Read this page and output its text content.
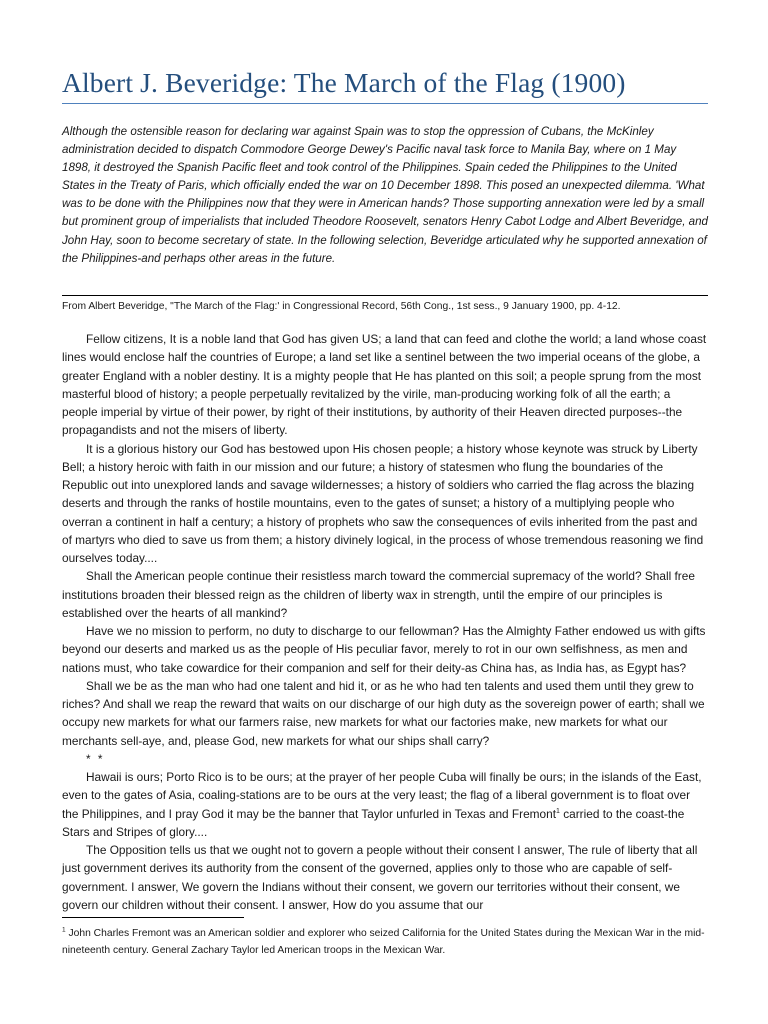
Albert J. Beveridge: The March of the Flag (1900)
Although the ostensible reason for declaring war against Spain was to stop the oppression of Cubans, the McKinley administration decided to dispatch Commodore George Dewey's Pacific naval task force to Manila Bay, where on 1 May 1898, it destroyed the Spanish Pacific fleet and took control of the Philippines. Spain ceded the Philippines to the United States in the Treaty of Paris, which officially ended the war on 10 December 1898. This posed an unexpected dilemma. 'What was to be done with the Philippines now that they were in American hands? Those supporting annexation were led by a small but prominent group of imperialists that included Theodore Roosevelt, senators Henry Cabot Lodge and Albert Beveridge, and John Hay, soon to become secretary of state. In the following selection, Beveridge articulated why he supported annexation of the Philippines-and perhaps other areas in the future.
From Albert Beveridge, "The March of the Flag:' in Congressional Record, 56th Cong., 1st sess., 9 January 1900, pp. 4-12.

Fellow citizens, It is a noble land that God has given US; a land that can feed and clothe the world; a land whose coast lines would enclose half the countries of Europe; a land set like a sentinel between the two imperial oceans of the globe, a greater England with a nobler destiny. It is a mighty people that He has planted on this soil; a people sprung from the most masterful blood of history; a people perpetually revitalized by the virile, man-producing working folk of all the earth; a people imperial by virtue of their power, by right of their institutions, by authority of their Heaven directed purposes--the propagandists and not the misers of liberty.

It is a glorious history our God has bestowed upon His chosen people; a history whose keynote was struck by Liberty Bell; a history heroic with faith in our mission and our future; a history of statesmen who flung the boundaries of the Republic out into unexplored lands and savage wildernesses; a history of soldiers who carried the flag across the blazing deserts and through the ranks of hostile mountains, even to the gates of sunset; a history of a multiplying people who overran a continent in half a century; a history of prophets who saw the consequences of evils inherited from the past and of martyrs who died to save us from them; a history divinely logical, in the process of whose tremendous reasoning we find ourselves today....

Shall the American people continue their resistless march toward the commercial supremacy of the world? Shall free institutions broaden their blessed reign as the children of liberty wax in strength, until the empire of our principles is established over the hearts of all mankind?

Have we no mission to perform, no duty to discharge to our fellowman? Has the Almighty Father endowed us with gifts beyond our deserts and marked us as the people of His peculiar favor, merely to rot in our own selfishness, as men and nations must, who take cowardice for their companion and self for their deity-as China has, as India has, as Egypt has?

Shall we be as the man who had one talent and hid it, or as he who had ten talents and used them until they grew to riches? And shall we reap the reward that waits on our discharge of our high duty as the sovereign power of earth; shall we occupy new markets for what our farmers raise, new markets for what our factories make, new markets for what our merchants sell-aye, and, please God, new markets for what our ships shall carry?

* *

Hawaii is ours; Porto Rico is to be ours; at the prayer of her people Cuba will finally be ours; in the islands of the East, even to the gates of Asia, coaling-stations are to be ours at the very least; the flag of a liberal government is to float over the Philippines, and I pray God it may be the banner that Taylor unfurled in Texas and Fremont$^1$ carried to the coast-the Stars and Stripes of glory....

The Opposition tells us that we ought not to govern a people without their consent I answer, The rule of liberty that all just government derives its authority from the consent of the governed, applies only to those who are capable of self-government. I answer, We govern the Indians without their consent, we govern our territories without their consent, we govern our children without their consent. I answer, How do you assume that our

$^1$ John Charles Fremont was an American soldier and explorer who seized California for the United States during the Mexican War in the mid-nineteenth century. General Zachary Taylor led American troops in the Mexican War.
